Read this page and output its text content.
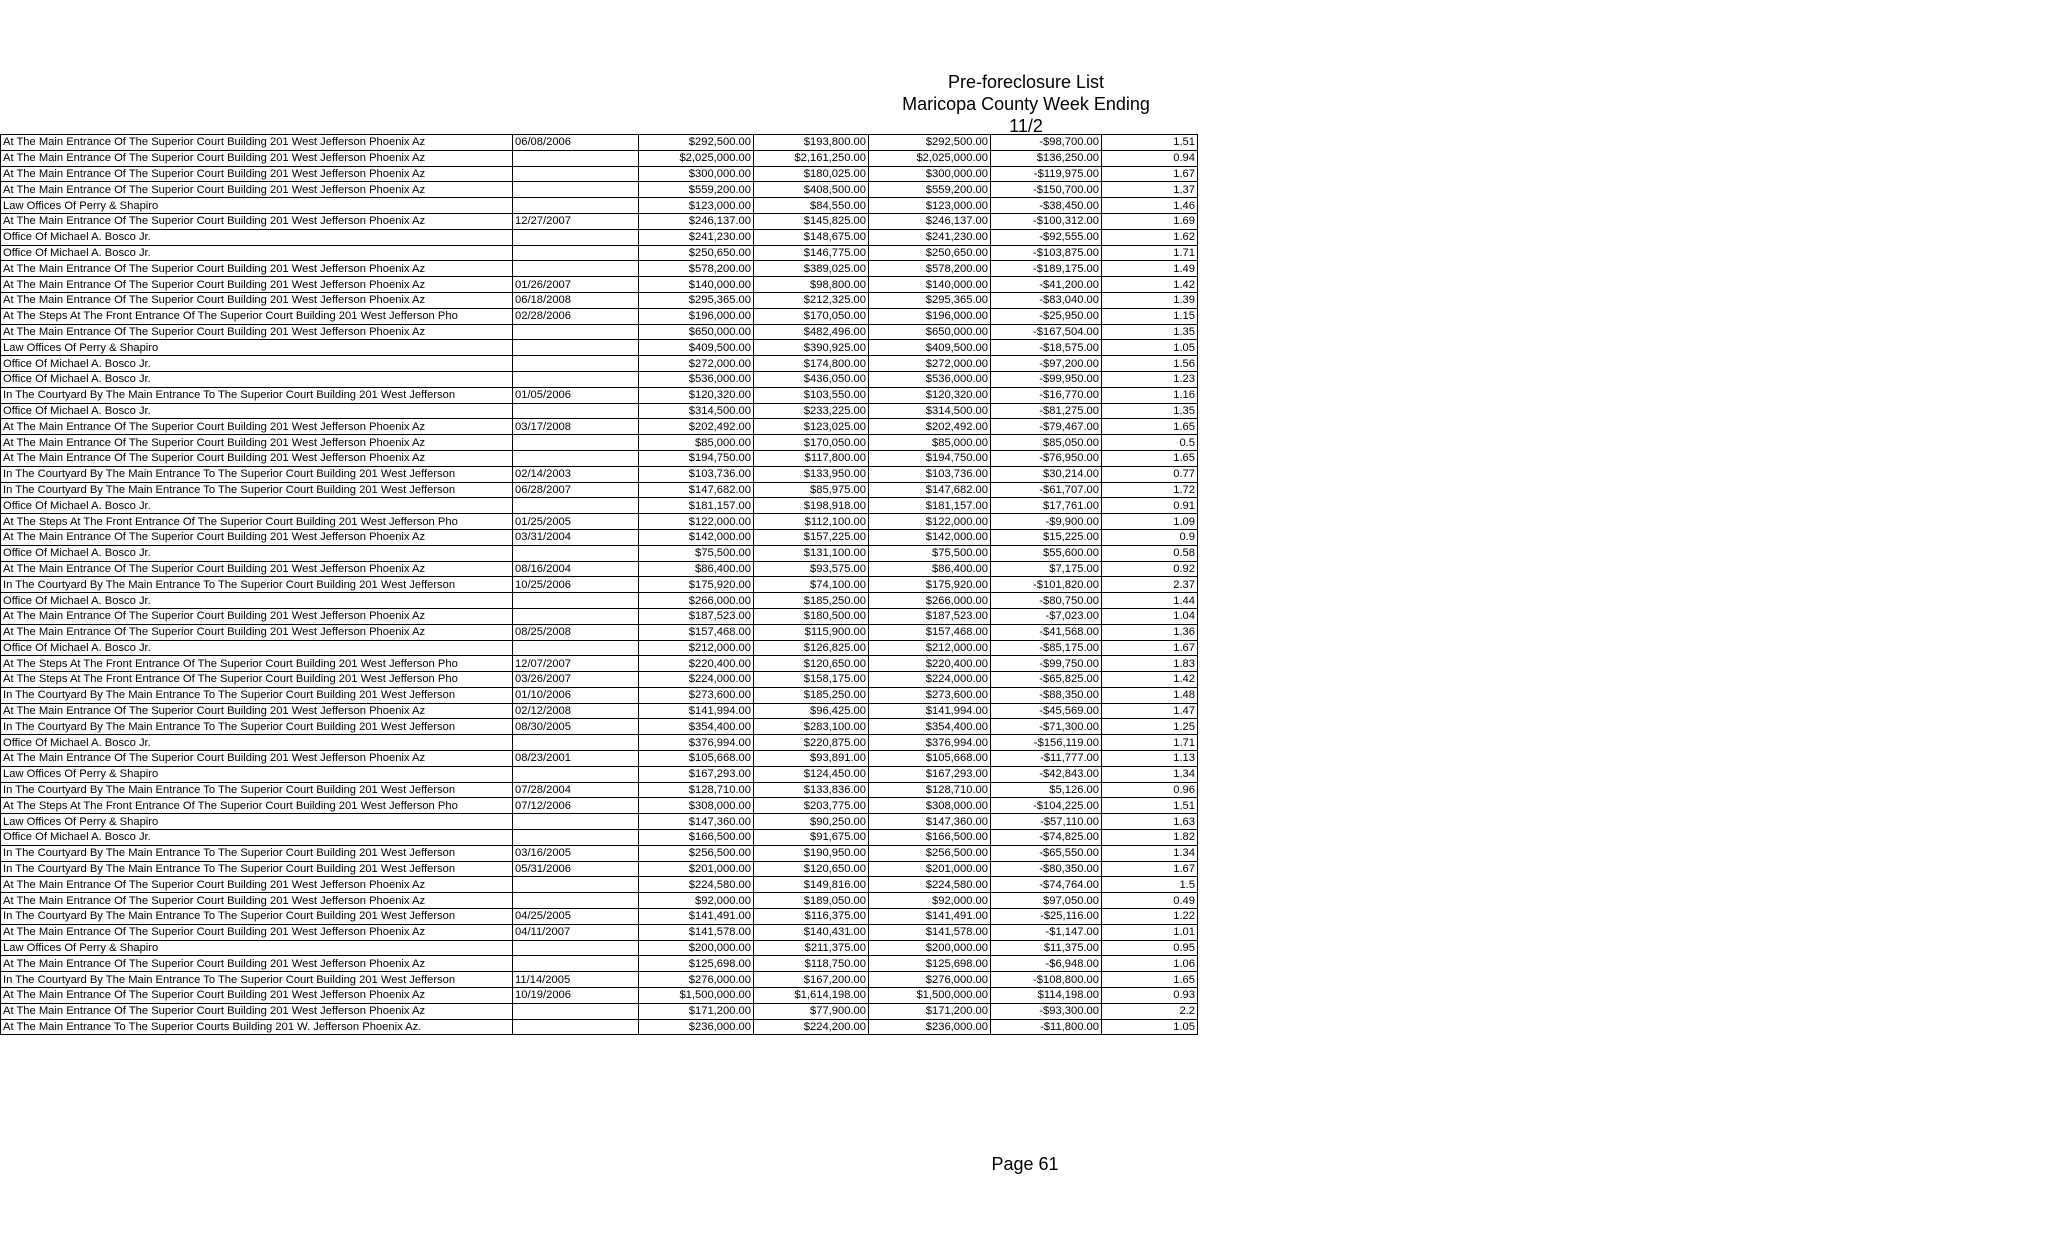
Pre-foreclosure List
Maricopa County Week Ending 11/2
At The Main Entrance Of The Superior Court Building 201 West Jefferson Phoenix Az	06/08/2006	$292,500.00	$193,800.00	$292,500.00	-$98,700.00	1.51
At The Main Entrance Of The Superior Court Building 201 West Jefferson Phoenix Az		$2,025,000.00	$2,161,250.00	$2,025,000.00	$136,250.00	0.94
At The Main Entrance Of The Superior Court Building 201 West Jefferson Phoenix Az		$300,000.00	$180,025.00	$300,000.00	-$119,975.00	1.67
At The Main Entrance Of The Superior Court Building 201 West Jefferson Phoenix Az		$559,200.00	$408,500.00	$559,200.00	-$150,700.00	1.37
Law Offices Of Perry & Shapiro		$123,000.00	$84,550.00	$123,000.00	-$38,450.00	1.46
At The Main Entrance Of The Superior Court Building 201 West Jefferson Phoenix Az	12/27/2007	$246,137.00	$145,825.00	$246,137.00	-$100,312.00	1.69
Office Of Michael A. Bosco Jr.		$241,230.00	$148,675.00	$241,230.00	-$92,555.00	1.62
Office Of Michael A. Bosco Jr.		$250,650.00	$146,775.00	$250,650.00	-$103,875.00	1.71
At The Main Entrance Of The Superior Court Building 201 West Jefferson Phoenix Az		$578,200.00	$389,025.00	$578,200.00	-$189,175.00	1.49
At The Main Entrance Of The Superior Court Building 201 West Jefferson Phoenix Az	01/26/2007	$140,000.00	$98,800.00	$140,000.00	-$41,200.00	1.42
At The Main Entrance Of The Superior Court Building 201 West Jefferson Phoenix Az	06/18/2008	$295,365.00	$212,325.00	$295,365.00	-$83,040.00	1.39
At The Steps At The Front Entrance Of The Superior Court Building 201 West Jefferson Pho	02/28/2006	$196,000.00	$170,050.00	$196,000.00	-$25,950.00	1.15
At The Main Entrance Of The Superior Court Building 201 West Jefferson Phoenix Az		$650,000.00	$482,496.00	$650,000.00	-$167,504.00	1.35
Law Offices Of Perry & Shapiro		$409,500.00	$390,925.00	$409,500.00	-$18,575.00	1.05
Office Of Michael A. Bosco Jr.		$272,000.00	$174,800.00	$272,000.00	-$97,200.00	1.56
Office Of Michael A. Bosco Jr.		$536,000.00	$436,050.00	$536,000.00	-$99,950.00	1.23
In The Courtyard By The Main Entrance To The Superior Court Building 201 West Jefferson	01/05/2006	$120,320.00	$103,550.00	$120,320.00	-$16,770.00	1.16
Office Of Michael A. Bosco Jr.		$314,500.00	$233,225.00	$314,500.00	-$81,275.00	1.35
At The Main Entrance Of The Superior Court Building 201 West Jefferson Phoenix Az	03/17/2008	$202,492.00	$123,025.00	$202,492.00	-$79,467.00	1.65
At The Main Entrance Of The Superior Court Building 201 West Jefferson Phoenix Az		$85,000.00	$170,050.00	$85,000.00	$85,050.00	0.5
At The Main Entrance Of The Superior Court Building 201 West Jefferson Phoenix Az		$194,750.00	$117,800.00	$194,750.00	-$76,950.00	1.65
In The Courtyard By The Main Entrance To The Superior Court Building 201 West Jefferson	02/14/2003	$103,736.00	$133,950.00	$103,736.00	$30,214.00	0.77
In The Courtyard By The Main Entrance To The Superior Court Building 201 West Jefferson	06/28/2007	$147,682.00	$85,975.00	$147,682.00	-$61,707.00	1.72
Office Of Michael A. Bosco Jr.		$181,157.00	$198,918.00	$181,157.00	$17,761.00	0.91
At The Steps At The Front Entrance Of The Superior Court Building 201 West Jefferson Pho	01/25/2005	$122,000.00	$112,100.00	$122,000.00	-$9,900.00	1.09
At The Main Entrance Of The Superior Court Building 201 West Jefferson Phoenix Az	03/31/2004	$142,000.00	$157,225.00	$142,000.00	$15,225.00	0.9
Office Of Michael A. Bosco Jr.		$75,500.00	$131,100.00	$75,500.00	$55,600.00	0.58
At The Main Entrance Of The Superior Court Building 201 West Jefferson Phoenix Az	08/16/2004	$86,400.00	$93,575.00	$86,400.00	$7,175.00	0.92
In The Courtyard By The Main Entrance To The Superior Court Building 201 West Jefferson	10/25/2006	$175,920.00	$74,100.00	$175,920.00	-$101,820.00	2.37
Office Of Michael A. Bosco Jr.		$266,000.00	$185,250.00	$266,000.00	-$80,750.00	1.44
At The Main Entrance Of The Superior Court Building 201 West Jefferson Phoenix Az		$187,523.00	$180,500.00	$187,523.00	-$7,023.00	1.04
At The Main Entrance Of The Superior Court Building 201 West Jefferson Phoenix Az	08/25/2008	$157,468.00	$115,900.00	$157,468.00	-$41,568.00	1.36
Office Of Michael A. Bosco Jr.		$212,000.00	$126,825.00	$212,000.00	-$85,175.00	1.67
At The Steps At The Front Entrance Of The Superior Court Building 201 West Jefferson Pho	12/07/2007	$220,400.00	$120,650.00	$220,400.00	-$99,750.00	1.83
At The Steps At The Front Entrance Of The Superior Court Building 201 West Jefferson Pho	03/26/2007	$224,000.00	$158,175.00	$224,000.00	-$65,825.00	1.42
In The Courtyard By The Main Entrance To The Superior Court Building 201 West Jefferson	01/10/2006	$273,600.00	$185,250.00	$273,600.00	-$88,350.00	1.48
At The Main Entrance Of The Superior Court Building 201 West Jefferson Phoenix Az	02/12/2008	$141,994.00	$96,425.00	$141,994.00	-$45,569.00	1.47
In The Courtyard By The Main Entrance To The Superior Court Building 201 West Jefferson	08/30/2005	$354,400.00	$283,100.00	$354,400.00	-$71,300.00	1.25
Office Of Michael A. Bosco Jr.		$376,994.00	$220,875.00	$376,994.00	-$156,119.00	1.71
At The Main Entrance Of The Superior Court Building 201 West Jefferson Phoenix Az	08/23/2001	$105,668.00	$93,891.00	$105,668.00	-$11,777.00	1.13
Law Offices Of Perry & Shapiro		$167,293.00	$124,450.00	$167,293.00	-$42,843.00	1.34
In The Courtyard By The Main Entrance To The Superior Court Building 201 West Jefferson	07/28/2004	$128,710.00	$133,836.00	$128,710.00	$5,126.00	0.96
At The Steps At The Front Entrance Of The Superior Court Building 201 West Jefferson Pho	07/12/2006	$308,000.00	$203,775.00	$308,000.00	-$104,225.00	1.51
Law Offices Of Perry & Shapiro		$147,360.00	$90,250.00	$147,360.00	-$57,110.00	1.63
Office Of Michael A. Bosco Jr.		$166,500.00	$91,675.00	$166,500.00	-$74,825.00	1.82
In The Courtyard By The Main Entrance To The Superior Court Building 201 West Jefferson	03/16/2005	$256,500.00	$190,950.00	$256,500.00	-$65,550.00	1.34
In The Courtyard By The Main Entrance To The Superior Court Building 201 West Jefferson	05/31/2006	$201,000.00	$120,650.00	$201,000.00	-$80,350.00	1.67
At The Main Entrance Of The Superior Court Building 201 West Jefferson Phoenix Az		$224,580.00	$149,816.00	$224,580.00	-$74,764.00	1.5
At The Main Entrance Of The Superior Court Building 201 West Jefferson Phoenix Az		$92,000.00	$189,050.00	$92,000.00	$97,050.00	0.49
In The Courtyard By The Main Entrance To The Superior Court Building 201 West Jefferson	04/25/2005	$141,491.00	$116,375.00	$141,491.00	-$25,116.00	1.22
At The Main Entrance Of The Superior Court Building 201 West Jefferson Phoenix Az	04/11/2007	$141,578.00	$140,431.00	$141,578.00	-$1,147.00	1.01
Law Offices Of Perry & Shapiro		$200,000.00	$211,375.00	$200,000.00	$11,375.00	0.95
At The Main Entrance Of The Superior Court Building 201 West Jefferson Phoenix Az		$125,698.00	$118,750.00	$125,698.00	-$6,948.00	1.06
In The Courtyard By The Main Entrance To The Superior Court Building 201 West Jefferson	11/14/2005	$276,000.00	$167,200.00	$276,000.00	-$108,800.00	1.65
At The Main Entrance Of The Superior Court Building 201 West Jefferson Phoenix Az	10/19/2006	$1,500,000.00	$1,614,198.00	$1,500,000.00	$114,198.00	0.93
At The Main Entrance Of The Superior Court Building 201 West Jefferson Phoenix Az		$171,200.00	$77,900.00	$171,200.00	-$93,300.00	2.2
At The Main Entrance To The Superior Courts Building 201 W. Jefferson Phoenix Az.		$236,000.00	$224,200.00	$236,000.00	-$11,800.00	1.05
Page 61
